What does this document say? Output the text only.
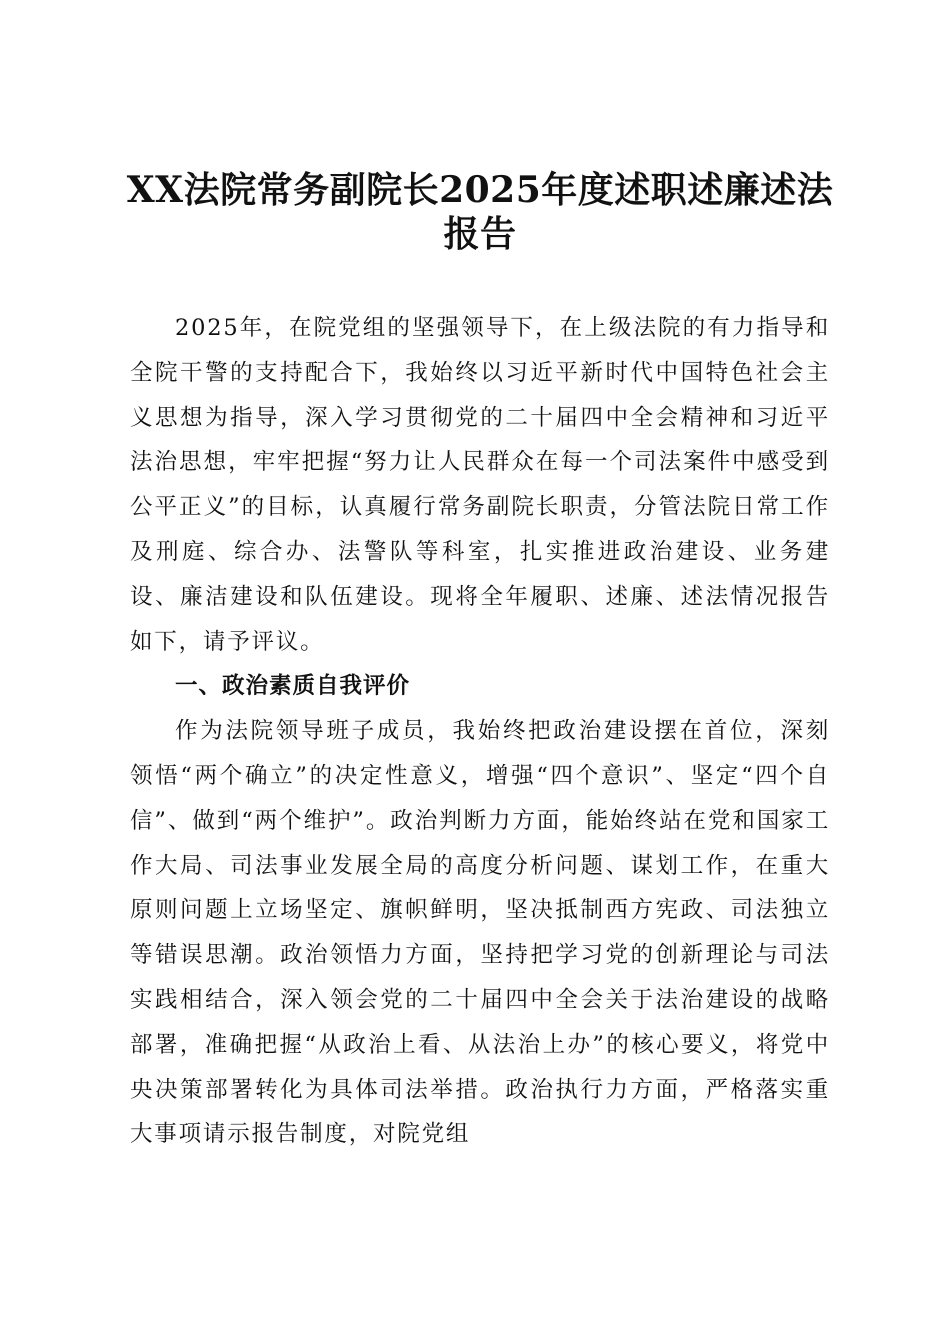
XX法院常务副院长2025年度述职述廉述法报告

2025年，在院党组的坚强领导下，在上级法院的有力指导和全院干警的支持配合下，我始终以习近平新时代中国特色社会主义思想为指导，深入学习贯彻党的二十届四中全会精神和习近平法治思想，牢牢把握“努力让人民群众在每一个司法案件中感受到公平正义”的目标，认真履行常务副院长职责，分管法院日常工作及刑庭、综合办、法警队等科室，扎实推进政治建设、业务建设、廉洁建设和队伍建设。现将全年履职、述廉、述法情况报告如下，请予评议。

一、政治素质自我评价

作为法院领导班子成员，我始终把政治建设摆在首位，深刻领悟“两个确立”的决定性意义，增强“四个意识”、坚定“四个自信”、做到“两个维护”。政治判断力方面，能始终站在党和国家工作大局、司法事业发展全局的高度分析问题、谋划工作，在重大原则问题上立场坚定、旗帜鲜明，坚决抵制西方宪政、司法独立等错误思潮。政治领悟力方面，坚持把学习党的创新理论与司法实践相结合，深入领会党的二十届四中全会关于法治建设的战略部署，准确把握“从政治上看、从法治上办”的核心要义，将党中央决策部署转化为具体司法举措。政治执行力方面，严格落实重大事项请示报告制度，对院党组
